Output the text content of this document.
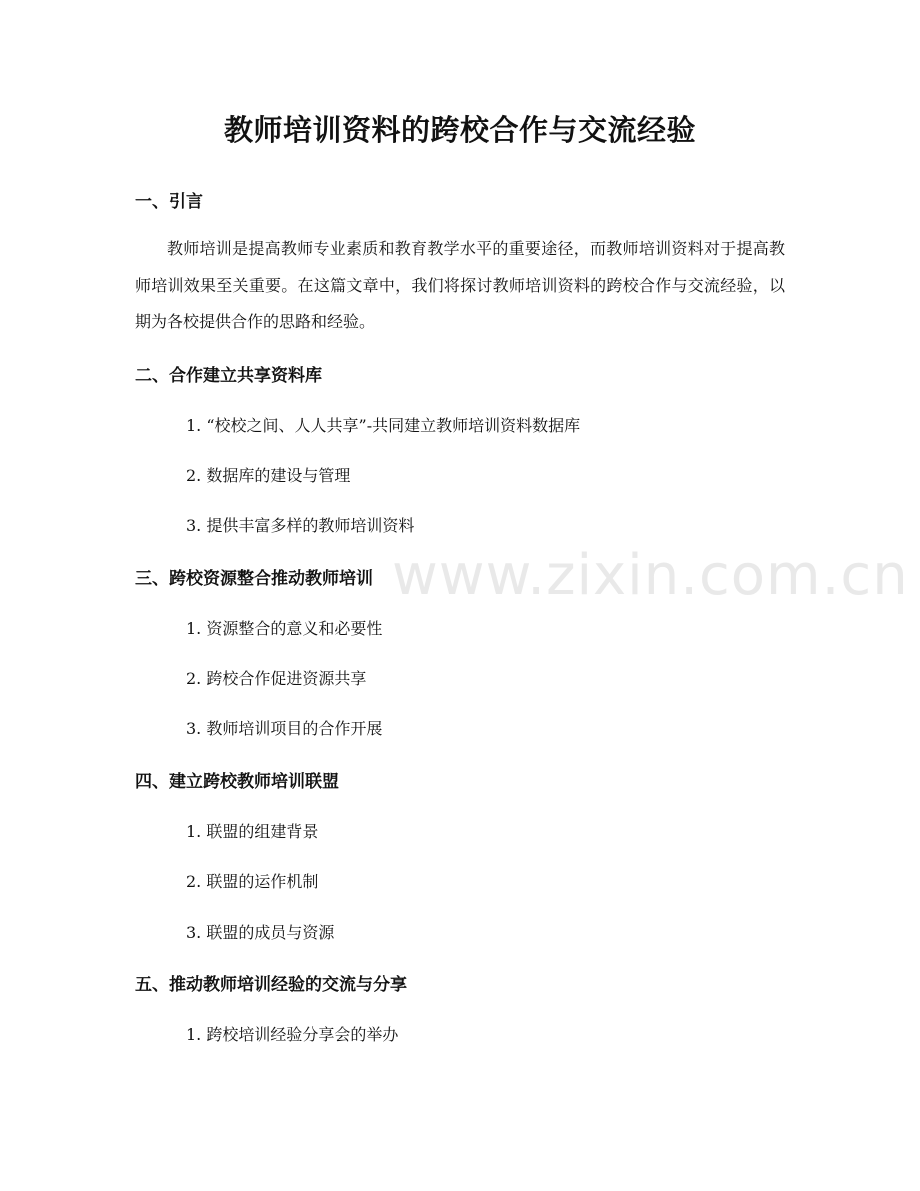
www.zixin.com.cn
教师培训资料的跨校合作与交流经验
一、引言
教师培训是提高教师专业素质和教育教学水平的重要途径，而教师培训资料对于提高教师培训效果至关重要。在这篇文章中，我们将探讨教师培训资料的跨校合作与交流经验，以期为各校提供合作的思路和经验。
二、合作建立共享资料库
1. “校校之间、人人共享”-共同建立教师培训资料数据库
2. 数据库的建设与管理
3. 提供丰富多样的教师培训资料
三、跨校资源整合推动教师培训
1. 资源整合的意义和必要性
2. 跨校合作促进资源共享
3. 教师培训项目的合作开展
四、建立跨校教师培训联盟
1. 联盟的组建背景
2. 联盟的运作机制
3. 联盟的成员与资源
五、推动教师培训经验的交流与分享
1. 跨校培训经验分享会的举办
